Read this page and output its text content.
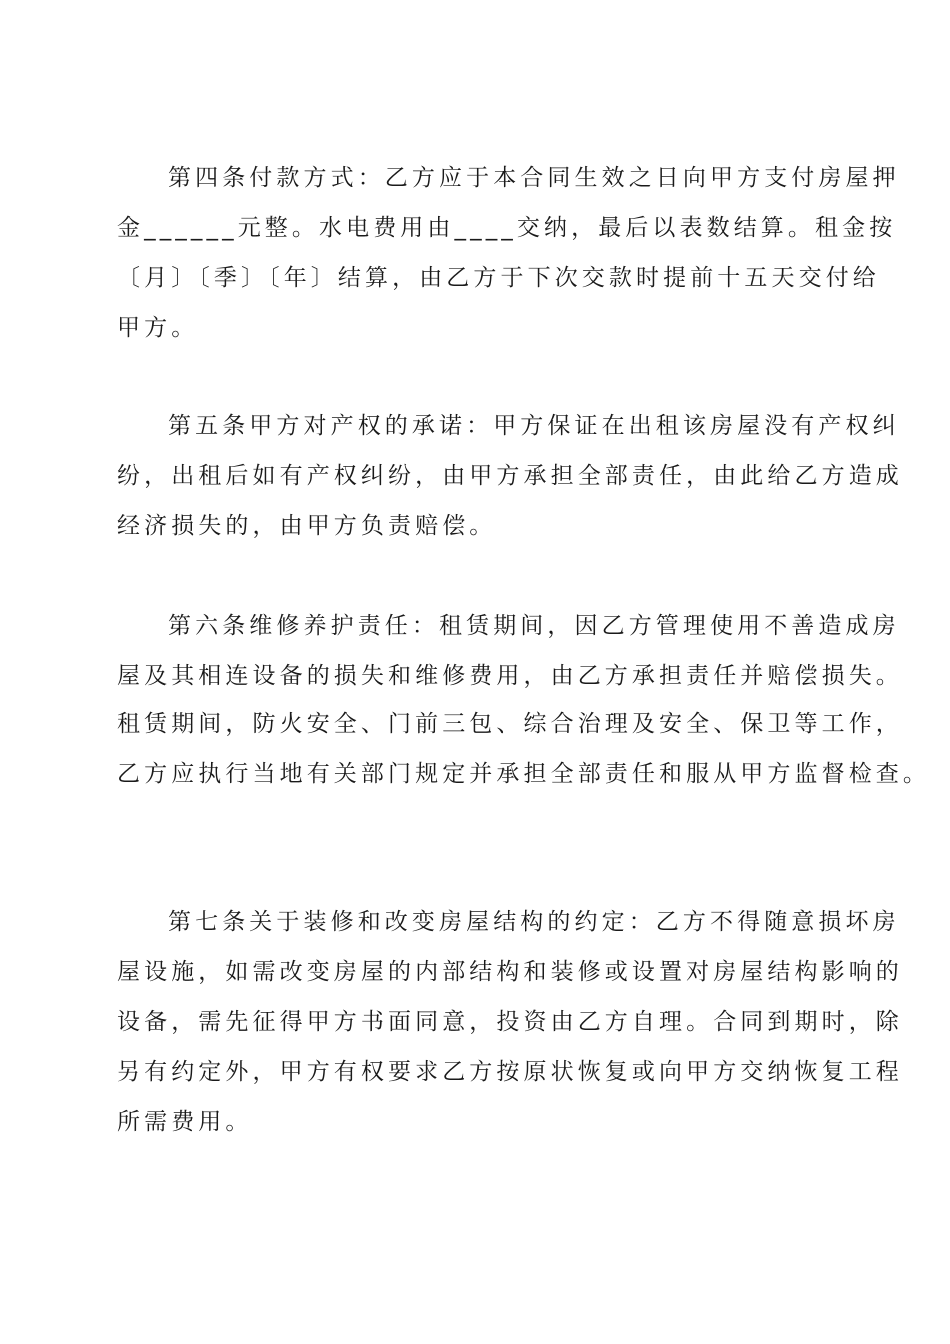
第四条付款方式：乙方应于本合同生效之日向甲方支付房屋押
金______元整。水电费用由____交纳，最后以表数结算。租金按
〔月〕〔季〕〔年〕结算，由乙方于下次交款时提前十五天交付给
甲方。
第五条甲方对产权的承诺：甲方保证在出租该房屋没有产权纠
纷，出租后如有产权纠纷，由甲方承担全部责任，由此给乙方造成
经济损失的，由甲方负责赔偿。
第六条维修养护责任：租赁期间，因乙方管理使用不善造成房
屋及其相连设备的损失和维修费用，由乙方承担责任并赔偿损失。
租赁期间，防火安全、门前三包、综合治理及安全、保卫等工作，
乙方应执行当地有关部门规定并承担全部责任和服从甲方监督检查。
第七条关于装修和改变房屋结构的约定：乙方不得随意损坏房
屋设施，如需改变房屋的内部结构和装修或设置对房屋结构影响的
设备，需先征得甲方书面同意，投资由乙方自理。合同到期时，除
另有约定外，甲方有权要求乙方按原状恢复或向甲方交纳恢复工程
所需费用。
